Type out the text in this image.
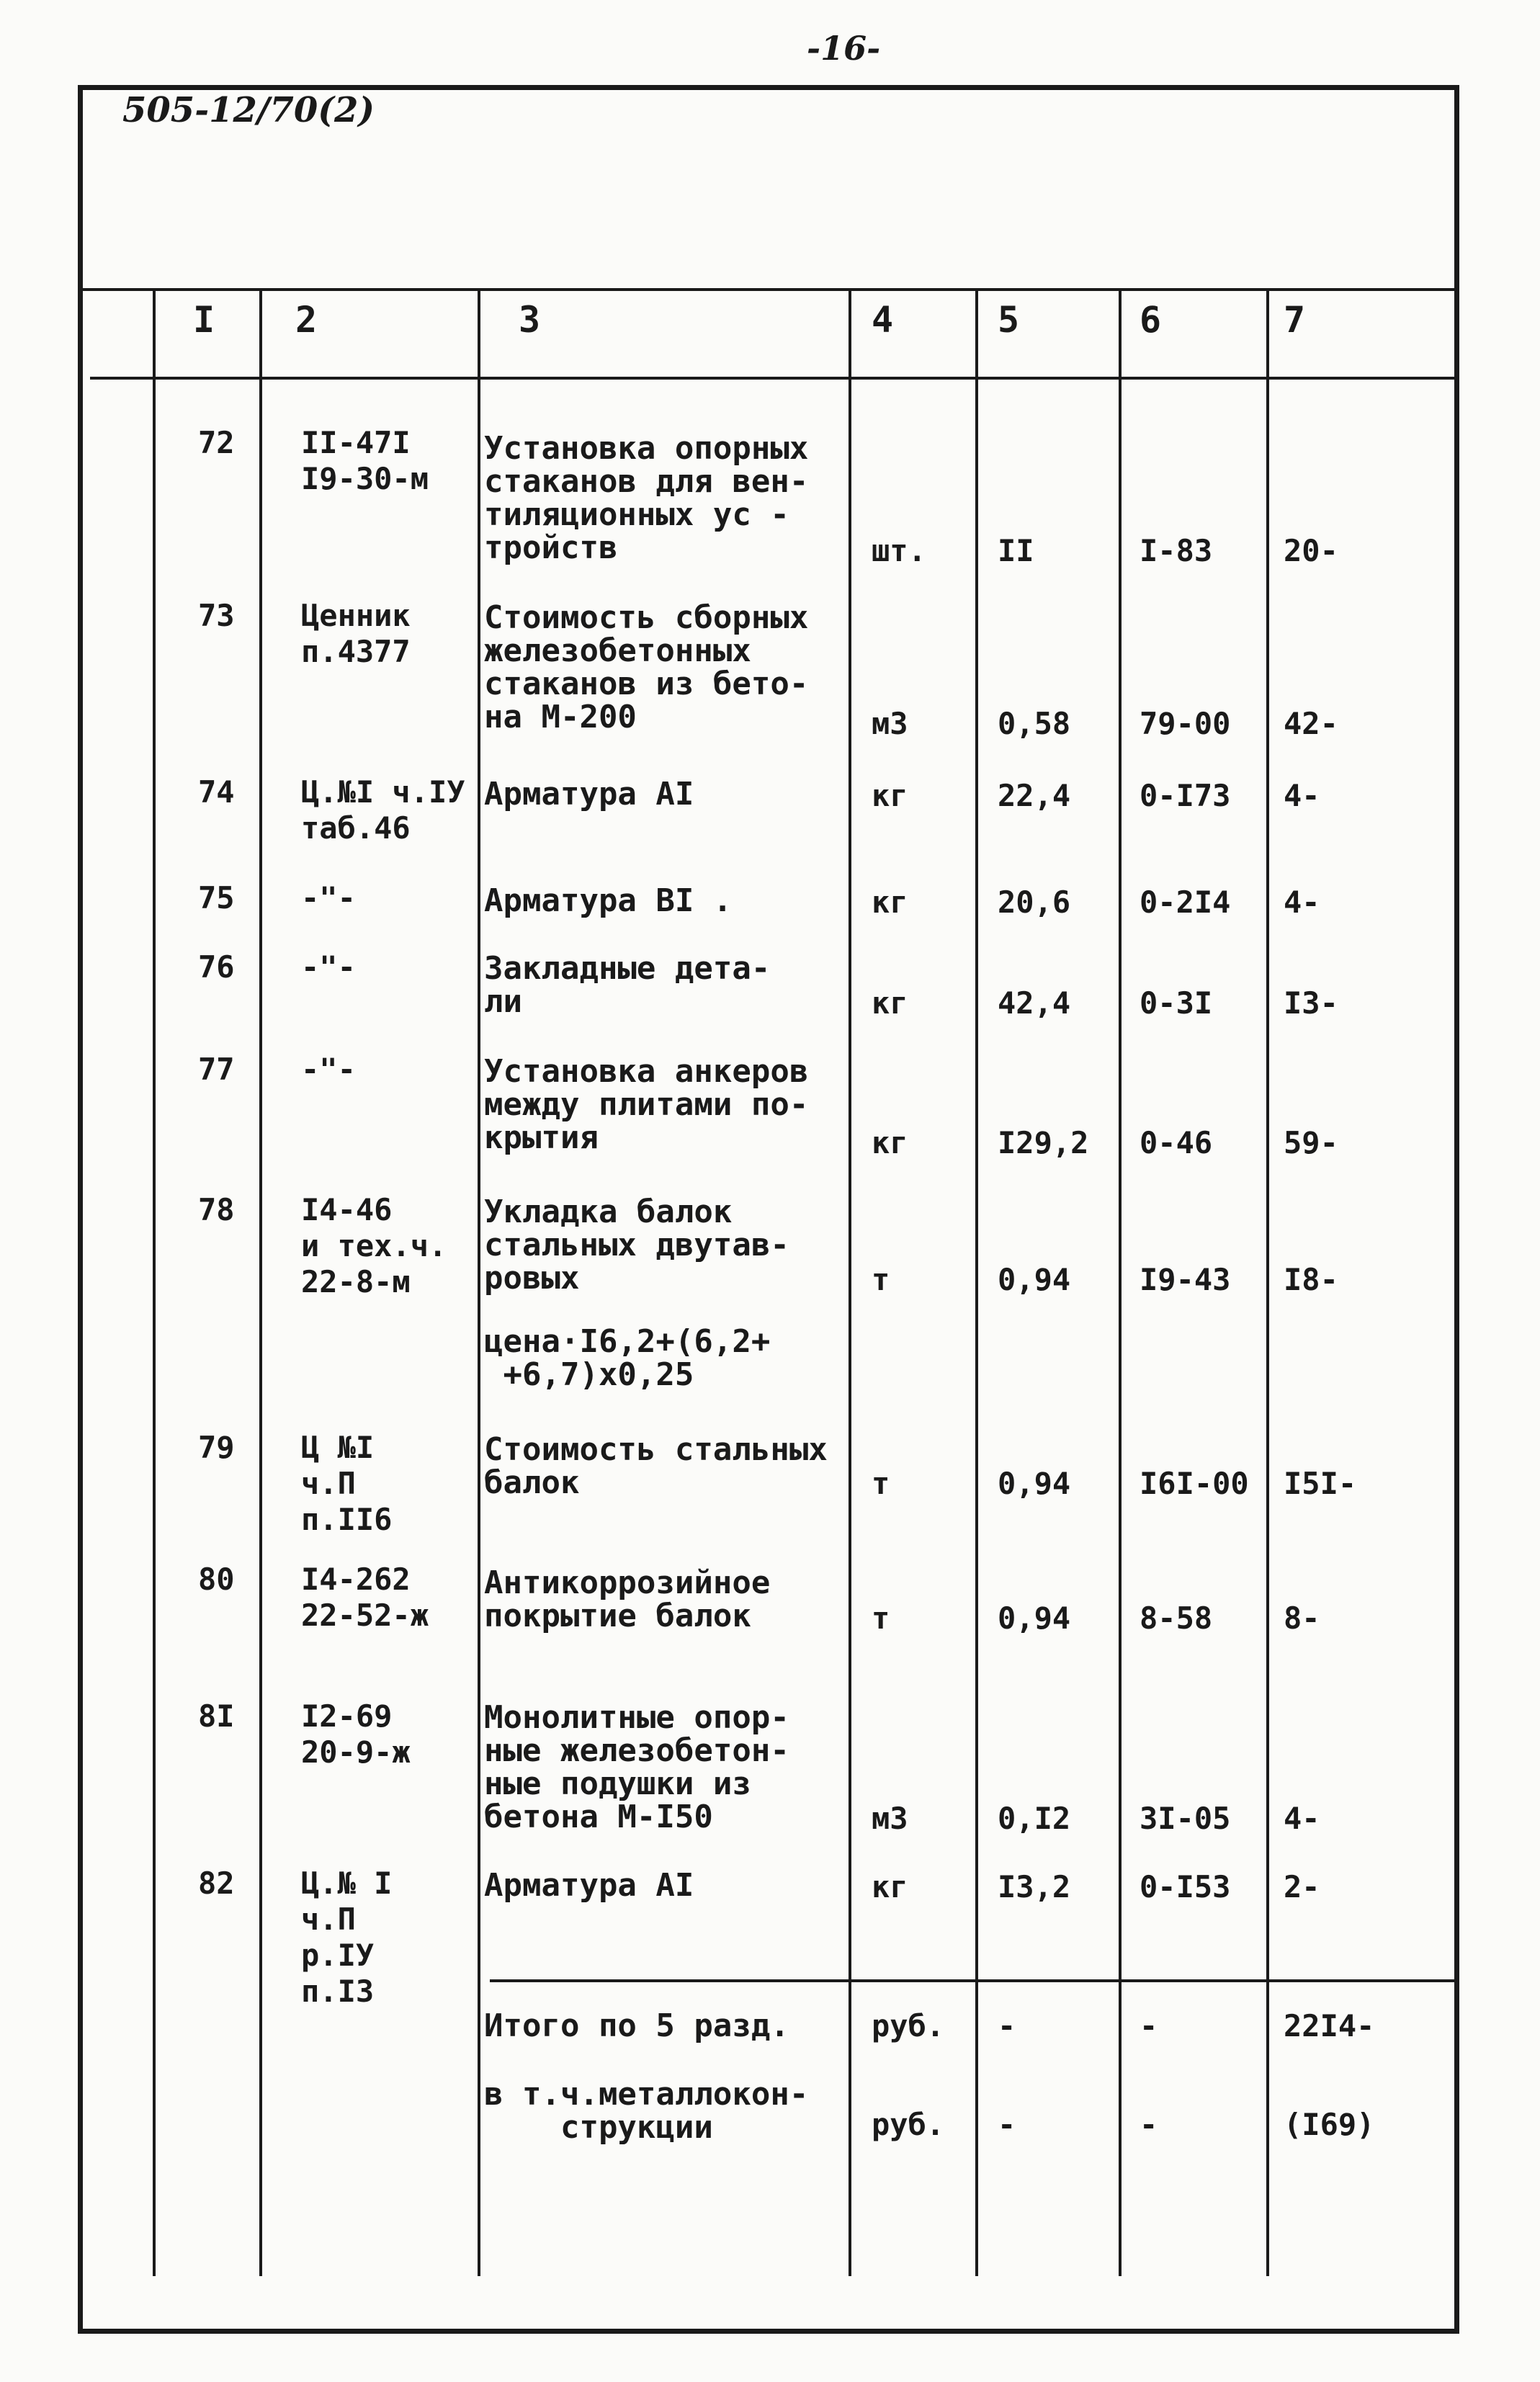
-16-
505-12/70(2)
I 2	3	4	5	6	7
72 II-47I
I9-30-м
Установка опорных
стаканов для вен-
тиляционных ус -
тройств	шт. II	I-83 20-
73 Ценник
п.4377
Стоимость сборных
железобетонных
стаканов из бето-
на М-200	м3	0,58 79-00 42-
74 Ц.№I ч.IУ
таб.46
Арматура АI	кг	22,4 0-I73 4-
75 -"-	Арматура ВI .	кг	20,6 0-2I4 4-
76 -"-	Закладные дета-
ли	кг	42,4 0-3I I3-
77 -"-	Установка анкеров
между плитами по-
крытия	кг	I29,2 0-46 59-
78 I4-46
и тех.ч.
22-8-м
Укладка балок
стальных двутав-
ровых	т	0,94 I9-43 I8-
цена·I6,2+(6,2+
+6,7)x0,25
79 Ц №I
ч.П
п.II6
Стоимость стальных
балок	т	0,94 I6I-00 I5I-
80 I4-262
22-52-ж
Антикоррозийное
покрытие балок	т	0,94 8-58 8-
8I I2-69
20-9-ж
Монолитные опор-
ные железобетон-
ные подушки из
бетона М-I50	м3	0,I2 3I-05 4-
82 Ц.№ I
ч.П
р.IУ
п.I3
Арматура АI	кг	I3,2 0-I53 2-
Итого по 5 разд.	руб. -	-	22I4-
в т.ч.металлокон-
струкции	руб. -	-	(I69)
